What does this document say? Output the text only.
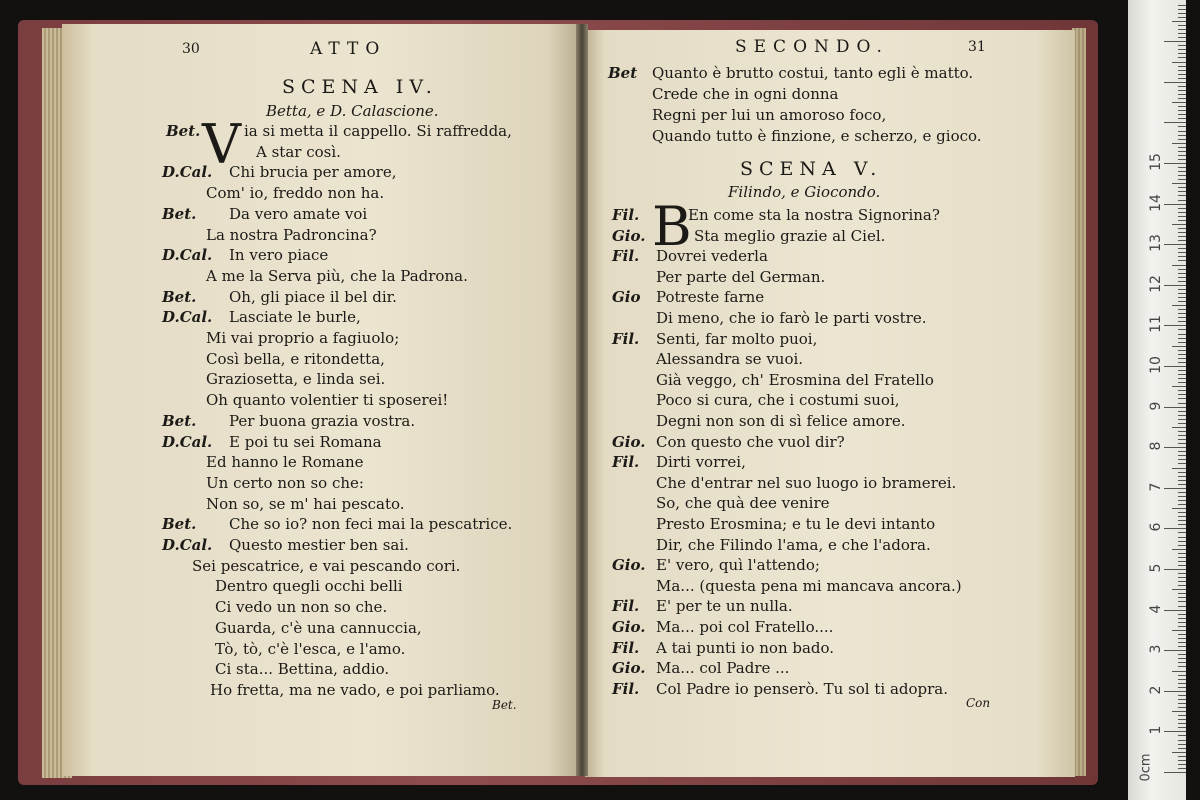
30	ATTO
SCENA IV.
Betta, e D. Calascione.
Bet. V ia si metta il cappello. Si raffredda,
A star così.
D.Cal. Chi brucia per amore,
Com' io, freddo non ha.
Bet. Da vero amate voi
La nostra Padroncina?
D.Cal. In vero piace
A me la Serva più, che la Padrona.
Bet. Oh, gli piace il bel dir.
D.Cal. Lasciate le burle,
Mi vai proprio a fagiuolo;
Così bella, e ritondetta,
Graziosetta, e linda sei.
Oh quanto volentier ti sposerei!
Bet. Per buona grazia vostra.
D.Cal. E poi tu sei Romana
Ed hanno le Romane
Un certo non so che:
Non so, se m' hai pescato.
Bet. Che so io? non feci mai la pescatrice.
D.Cal. Questo mestier ben sai.
Sei pescatrice, e vai pescando cori.
Dentro quegli occhi belli
Ci vedo un non so che.
Guarda, c'è una cannuccia,
Tò, tò, c'è l'esca, e l'amo.
Ci sta... Bettina, addio.
Ho fretta, ma ne vado, e poi parliamo.
Bet.
SECONDO.	31
Bet Quanto è brutto costui, tanto egli è matto.
Crede che in ogni donna
Regni per lui un amoroso foco,
Quando tutto è finzione, e scherzo, e gioco.
SCENA V.
Filindo, e Giocondo.
B
Fil.	En come sta la nostra Signorina?
Gio.	Sta meglio grazie al Ciel.
Fil. Dovrei vederla
Per parte del German.
Gio Potreste farne
Di meno, che io farò le parti vostre.
Fil. Senti, far molto puoi,
Alessandra se vuoi.
Già veggo, ch' Erosmina del Fratello
Poco si cura, che i costumi suoi,
Degni non son di sì felice amore.
Gio. Con questo che vuol dir?
Fil. Dirti vorrei,
Che d'entrar nel suo luogo io bramerei.
So, che quà dee venire
Presto Erosmina; e tu le devi intanto
Dir, che Filindo l'ama, e che l'adora.
Gio. E' vero, quì l'attendo;
Ma... (questa pena mi mancava ancora.)
Fil. E' per te un nulla.
Gio. Ma... poi col Fratello....
Fil. A tai punti io non bado.
Gio. Ma... col Padre ...
Fil. Col Padre io penserò. Tu sol ti adopra.
Con
1
2
3
4
5
6
7
8
9
10
11
12
13
14
15
0cm
